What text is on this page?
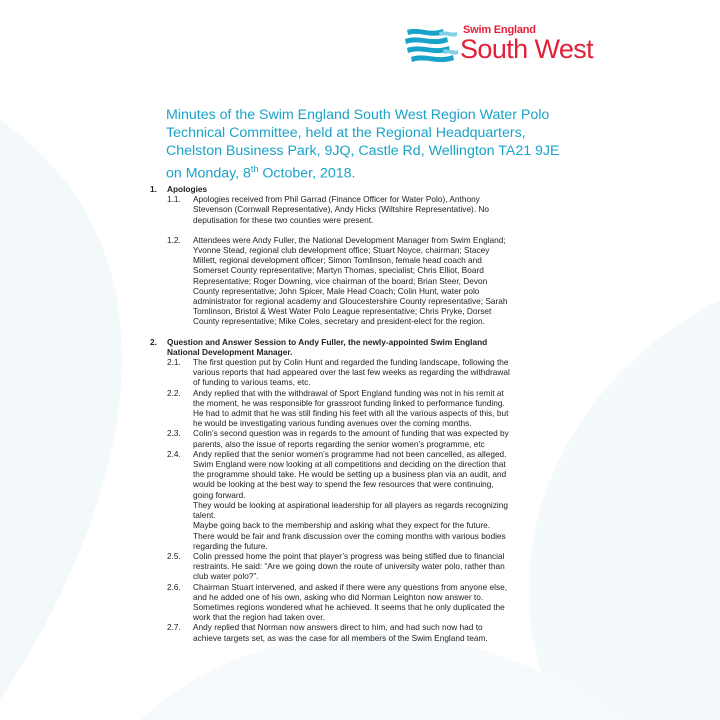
Swim England
South West
Minutes of the Swim England South West Region Water Polo
Technical Committee, held at the Regional Headquarters,
Chelston Business Park, 9JQ, Castle Rd, Wellington TA21 9JE
on Monday, 8th October, 2018.
1.	Apologies
1.1.	Apologies received from Phil Garrad (Finance Officer for Water Polo), Anthony
Stevenson (Cornwall Representative), Andy Hicks (Wiltshire Representative). No
deputisation for these two counties were present.
1.2.	Attendees were Andy Fuller, the National Development Manager from Swim England;
Yvonne Stead, regional club development office; Stuart Noyce, chairman; Stacey
Millett, regional development officer; Simon Tomlinson, female head coach and
Somerset County representative; Martyn Thomas, specialist; Chris Elliot, Board
Representative; Roger Downing, vice chairman of the board; Brian Steer, Devon
County representative; John Spicer, Male Head Coach; Colin Hunt, water polo
administrator for regional academy and Gloucestershire County representative; Sarah
Tomlinson, Bristol & West Water Polo League representative; Chris Pryke, Dorset
County representative; Mike Coles, secretary and president-elect for the region.
2.	Question and Answer Session to Andy Fuller, the newly-appointed Swim England
National Development Manager.
2.1.	The first question put by Colin Hunt and regarded the funding landscape, following the
various reports that had appeared over the last few weeks as regarding the withdrawal
of funding to various teams, etc.
2.2.	Andy replied that with the withdrawal of Sport England funding was not in his remit at
the moment, he was responsible for grassroot funding linked to performance funding.
He had to admit that he was still finding his feet with all the various aspects of this, but
he would be investigating various funding avenues over the coming months.
2.3.	Colin’s second question was in regards to the amount of funding that was expected by
parents, also the issue of reports regarding the senior women’s programme, etc
2.4.	Andy replied that the senior women’s programme had not been cancelled, as alleged.
Swim England were now looking at all competitions and deciding on the direction that
the programme should take. He would be setting up a business plan via an audit, and
would be looking at the best way to spend the few resources that were continuing,
going forward.
They would be looking at aspirational leadership for all players as regards recognizing
talent.
Maybe going back to the membership and asking what they expect for the future.
There would be fair and frank discussion over the coming months with various bodies
regarding the future.
2.5.	Colin pressed home the point that player’s progress was being stifled due to financial
restraints. He said: “Are we going down the route of university water polo, rather than
club water polo?”.
2.6.	Chairman Stuart intervened, and asked if there were any questions from anyone else,
and he added one of his own, asking who did Norman Leighton now answer to.
Sometimes regions wondered what he achieved. It seems that he only duplicated the
work that the region had taken over.
2.7.	Andy replied that Norman now answers direct to him, and had such now had to
achieve targets set, as was the case for all members of the Swim England team.
